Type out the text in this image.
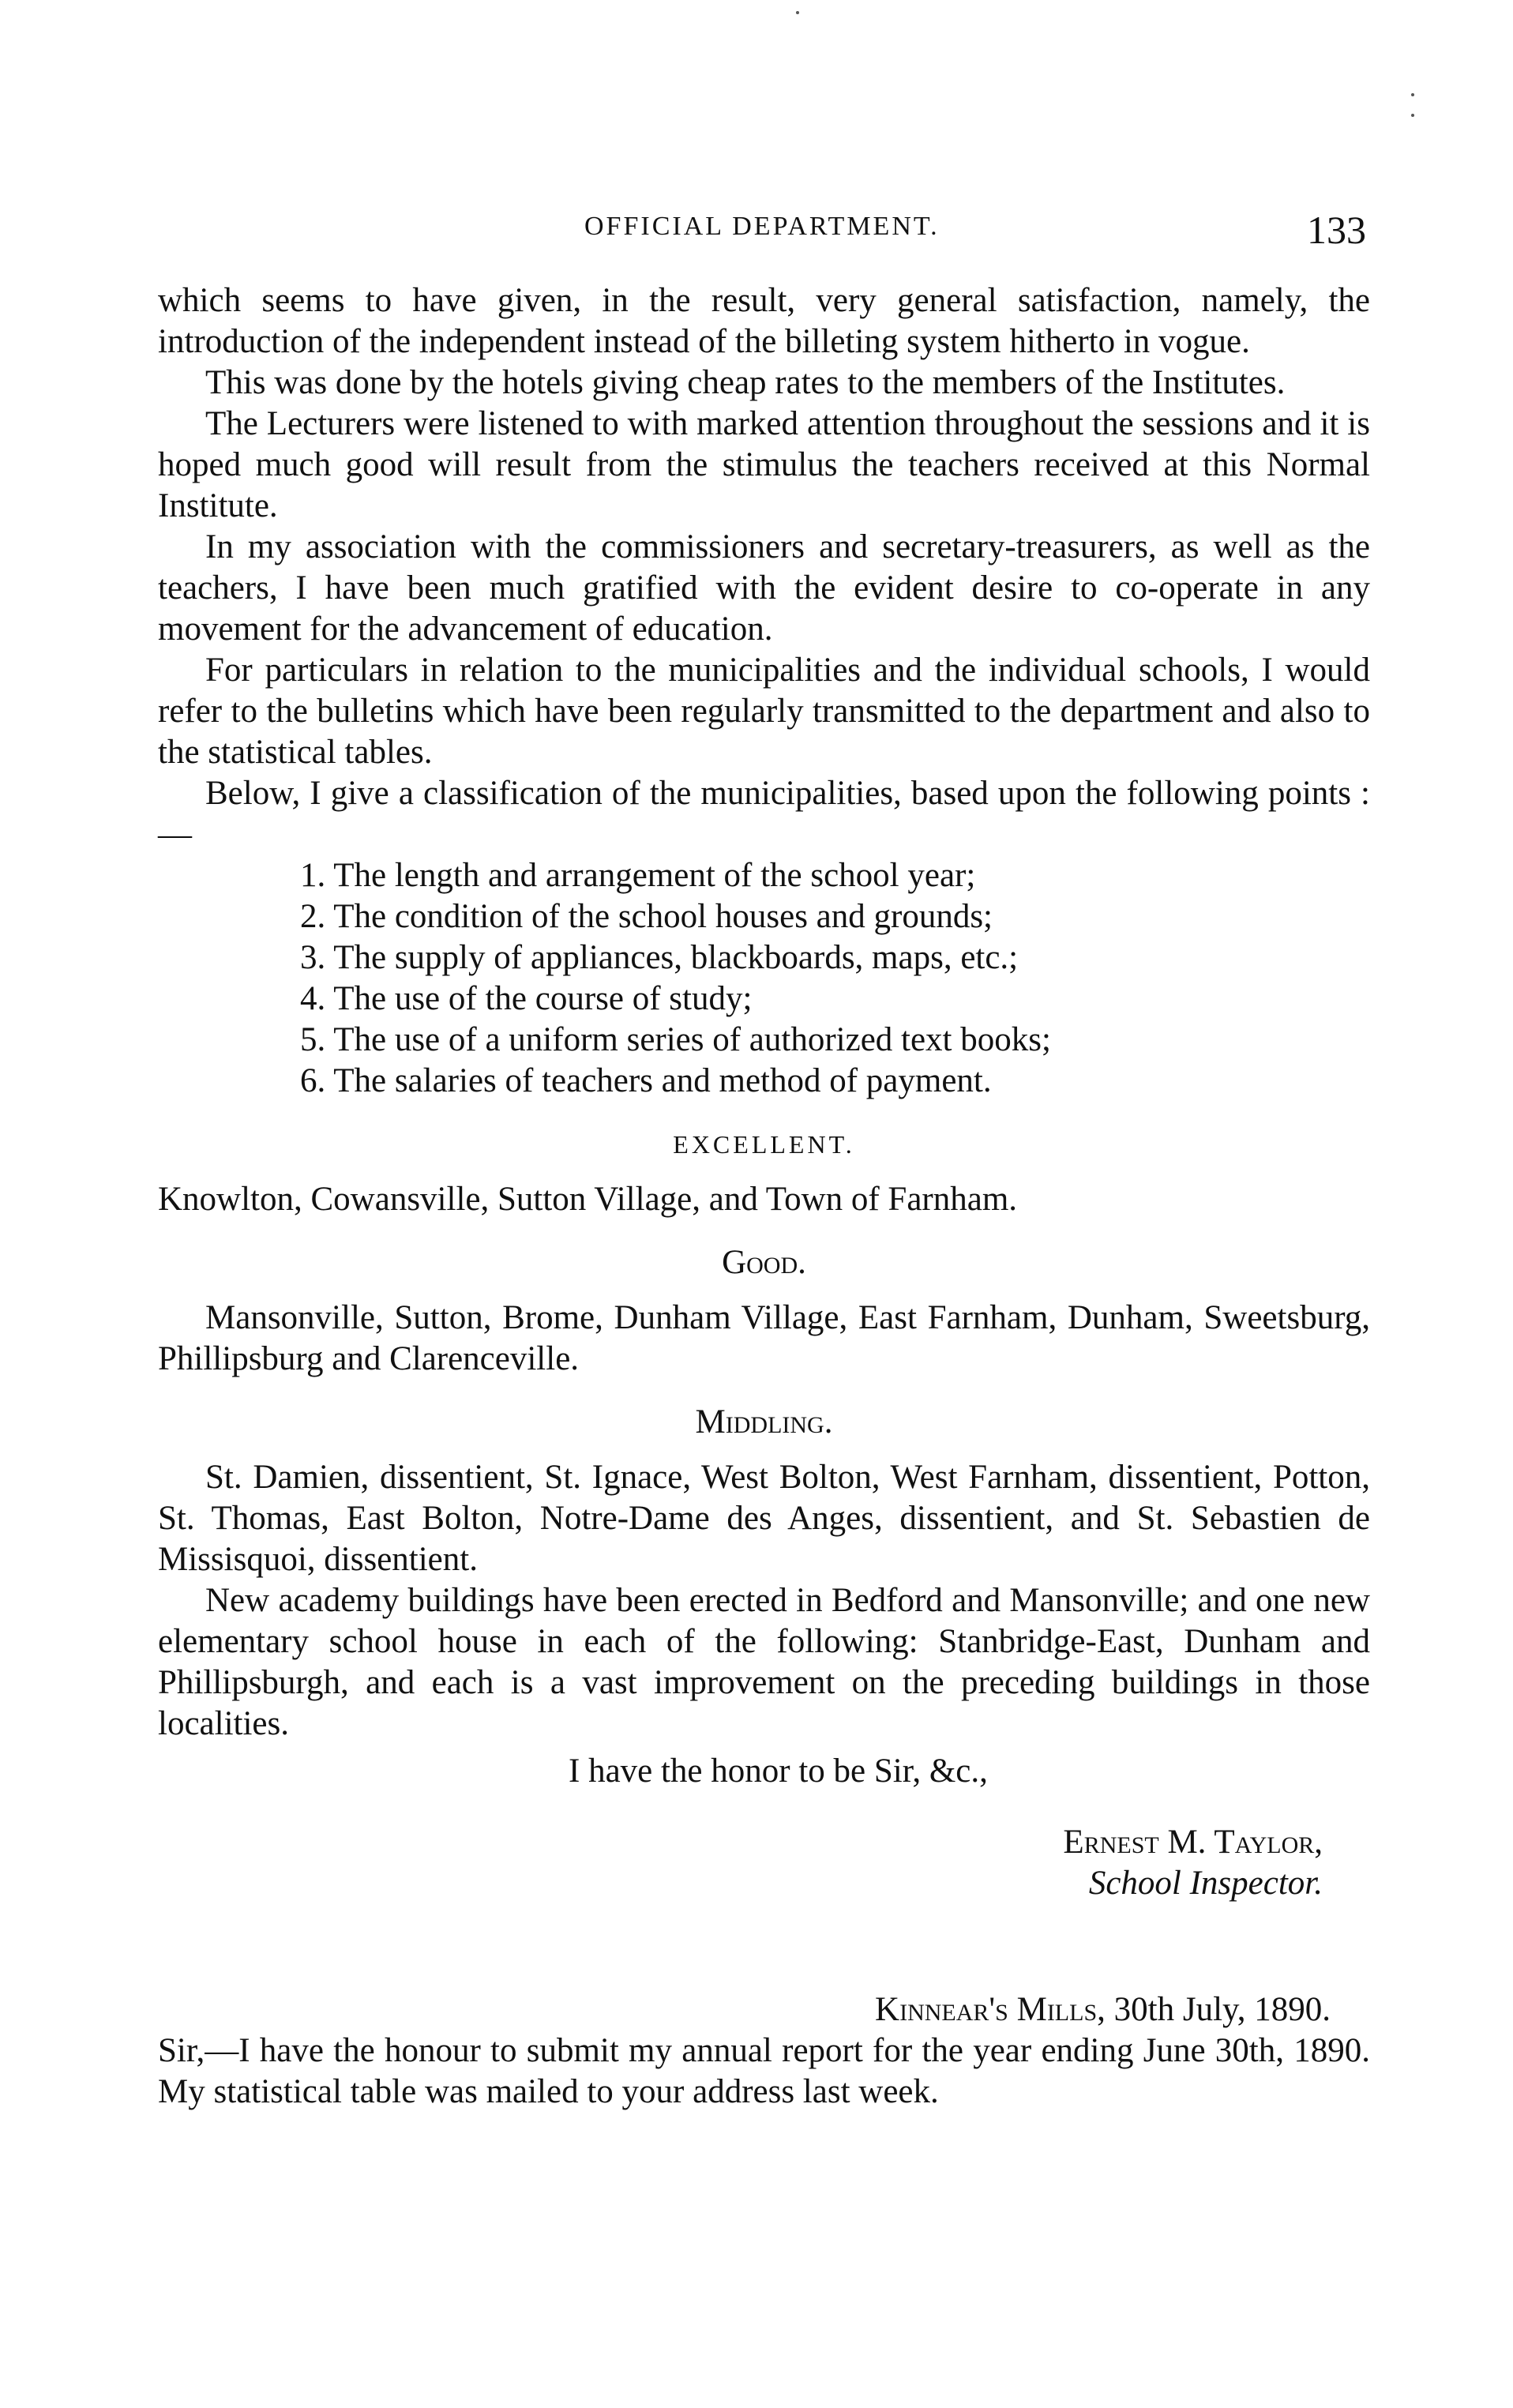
OFFICIAL DEPARTMENT.	133

which seems to have given, in the result, very general satisfaction, namely, the introduction of the independent instead of the billeting system hitherto in vogue.

This was done by the hotels giving cheap rates to the members of the Institutes.

The Lecturers were listened to with marked attention throughout the sessions and it is hoped much good will result from the stimulus the teachers received at this Normal Institute.

In my association with the commissioners and secretary-treasurers, as well as the teachers, I have been much gratified with the evident desire to co-operate in any movement for the advancement of education.

For particulars in relation to the municipalities and the individual schools, I would refer to the bulletins which have been regularly transmitted to the department and also to the statistical tables.

Below, I give a classification of the municipalities, based upon the following points :—

1. The length and arrangement of the school year;
2. The condition of the school houses and grounds;
3. The supply of appliances, blackboards, maps, etc.;
4. The use of the course of study;
5. The use of a uniform series of authorized text books;
6. The salaries of teachers and method of payment.
EXCELLENT.

Knowlton, Cowansville, Sutton Village, and Town of Farnham.

Good.

Mansonville, Sutton, Brome, Dunham Village, East Farnham, Dunham, Sweetsburg, Phillipsburg and Clarenceville.

Middling.

St. Damien, dissentient, St. Ignace, West Bolton, West Farnham, dissentient, Potton, St. Thomas, East Bolton, Notre-Dame des Anges, dissentient, and St. Sebastien de Missisquoi, dissentient.

New academy buildings have been erected in Bedford and Mansonville; and one new elementary school house in each of the following: Stanbridge-East, Dunham and Phillipsburgh, and each is a vast improvement on the preceding buildings in those localities.

I have the honor to be Sir, &c.,

Ernest M. Taylor,
School Inspector.
Kinnear's Mills, 30th July, 1890.

Sir,—I have the honour to submit my annual report for the year ending June 30th, 1890. My statistical table was mailed to your address last week.
